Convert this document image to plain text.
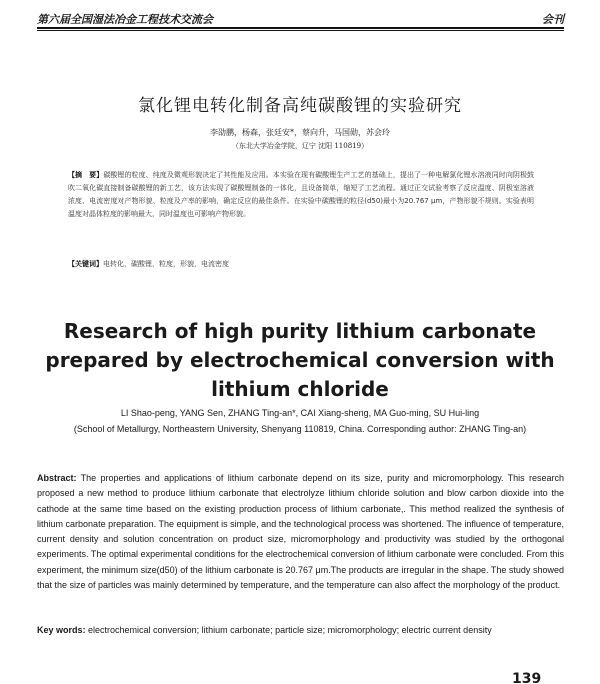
第六届全国湿法冶金工程技术交流会	会刊
氯化锂电转化制备高纯碳酸锂的实验研究
李劭鹏，杨森，张廷安*，蔡向升，马国勋，苏会玲
（东北大学冶金学院，辽宁 沈阳 110819）
【摘　要】碳酸锂的粒度、纯度及微观形貌决定了其性能及应用。本实验在现有碳酸锂生产工艺的基础上，提出了一种电解氯化锂水溶液同时向阴极鼓吹二氧化碳直接制备碳酸锂的新工艺，该方法实现了碳酸锂制备的一体化，且设备简单，缩短了工艺流程。通过正交试验考察了反应温度、阴极室溶液浓度、电流密度对产物形貌、粒度及产率的影响，确定反应的最佳条件。在实验中碳酸锂的粒径(d50)最小为20.767 μm，产物形貌不规则。实验表明温度对晶体粒度的影响最大，同时温度也可影响产物形貌。
【关键词】电转化，碳酸锂，粒度，形貌，电流密度
Research of high purity lithium carbonate prepared by electrochemical conversion with lithium chloride
LI Shao-peng, YANG Sen, ZHANG Ting-an*, CAI Xiang-sheng, MA Guo-ming, SU Hui-ling
(School of Metallurgy, Northeastern University, Shenyang 110819, China. Corresponding author: ZHANG Ting-an)
Abstract: The properties and applications of lithium carbonate depend on its size, purity and micromorphology. This research proposed a new method to produce lithium carbonate that electrolyze lithium chloride solution and blow carbon dioxide into the cathode at the same time based on the existing production process of lithium carbonate,. This method realized the synthesis of lithium carbonate preparation. The equipment is simple, and the technological process was shortened. The influence of temperature, current density and solution concentration on product size, micromorphology and productivity was studied by the orthogonal experiments. The optimal experimental conditions for the electrochemical conversion of lithium carbonate were concluded. From this experiment, the minimum size(d50) of the lithium carbonate is 20.767 μm.The products are irregular in the shape. The study showed that the size of particles was mainly determined by temperature, and the temperature can also affect the morphology of the product.
Key words: electrochemical conversion; lithium carbonate; particle size; micromorphology; electric current density
139
